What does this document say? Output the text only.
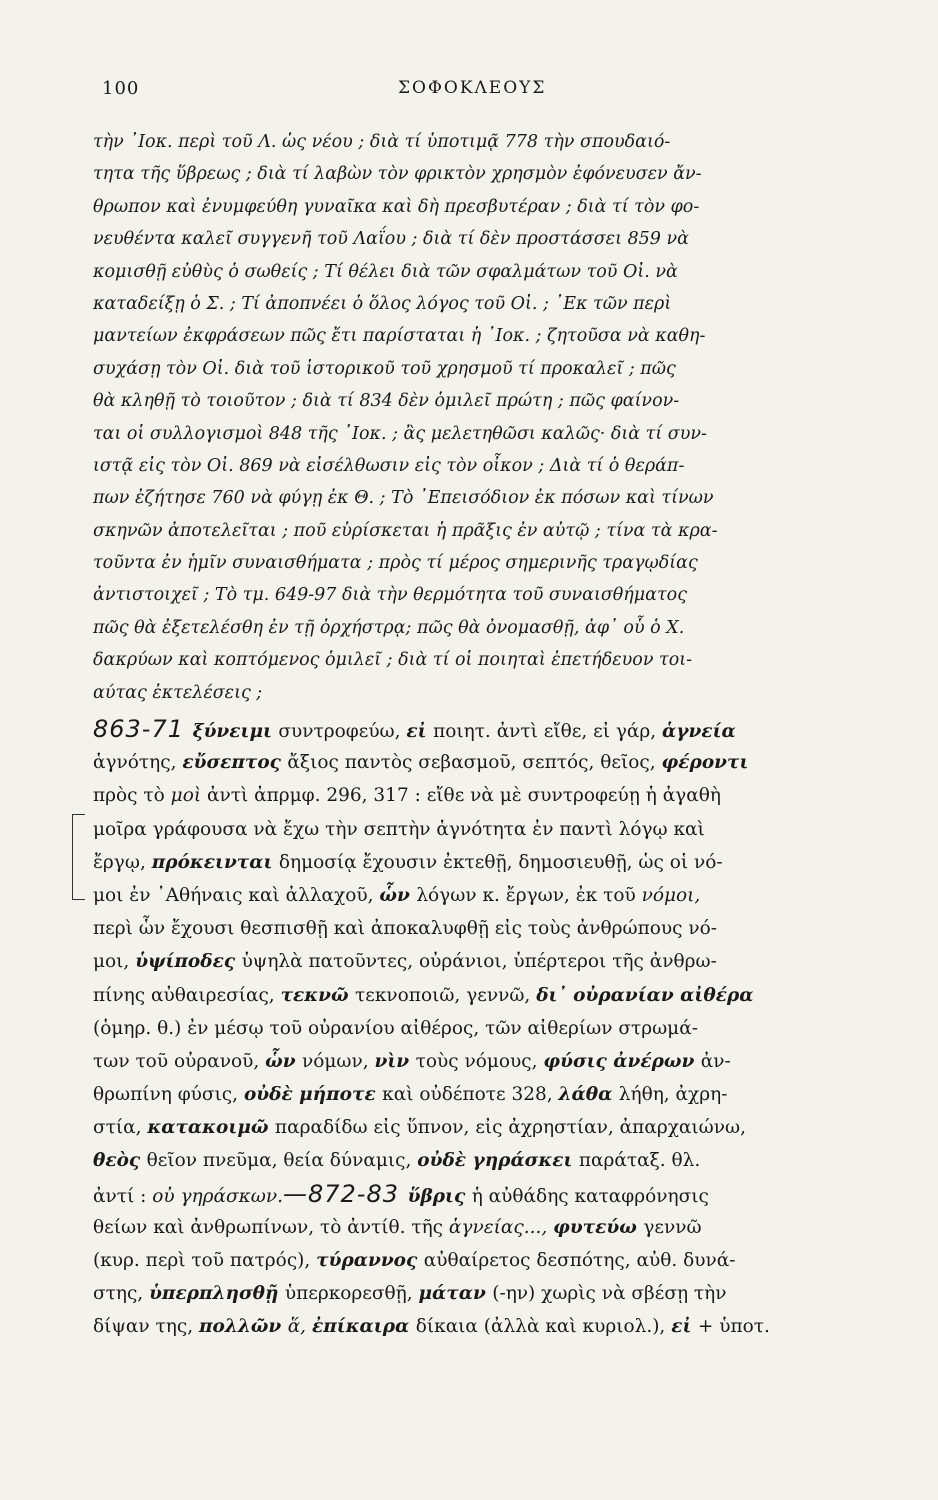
100	ΣΟΦΟΚΛΕΟΥΣ
τὴν ᾿Ιοκ. περὶ τοῦ Λ. ὡς νέου ; διὰ τί ὑποτιμᾷ 778 τὴν σπουδαιό-
τητα τῆς ὕβρεως ; διὰ τί λαβὼν τὸν φρικτὸν χρησμὸν ἐφόνευσεν ἄν-
θρωπον καὶ ἐνυμφεύθη γυναῖκα καὶ δὴ πρεσβυτέραν ; διὰ τί τὸν φο-
νευθέντα καλεῖ συγγενῆ τοῦ Λαΐου ; διὰ τί δὲν προστάσσει 859 νὰ
κομισθῇ εὐθὺς ὁ σωθείς ; Τί θέλει διὰ τῶν σφαλμάτων τοῦ Οἰ. νὰ
καταδείξῃ ὁ Σ. ; Τί ἀποπνέει ὁ ὅλος λόγος τοῦ Οἰ. ; ᾿Εκ τῶν περὶ
μαντείων ἐκφράσεων πῶς ἔτι παρίσταται ἡ ᾿Ιοκ. ; ζητοῦσα νὰ καθη-
συχάσῃ τὸν Οἰ. διὰ τοῦ ἱστορικοῦ τοῦ χρησμοῦ τί προκαλεῖ ; πῶς
θὰ κληθῇ τὸ τοιοῦτον ; διὰ τί 834 δὲν ὁμιλεῖ πρώτη ; πῶς φαίνον-
ται οἱ συλλογισμοὶ 848 τῆς ᾿Ιοκ. ; ἂς μελετηθῶσι καλῶς· διὰ τί συν-
ιστᾷ εἰς τὸν Οἰ. 869 νὰ εἰσέλθωσιν εἰς τὸν οἶκον ; Διὰ τί ὁ θεράπ-
πων ἐζήτησε 760 νὰ φύγῃ ἐκ Θ. ; Τὸ ᾿Επεισόδιον ἐκ πόσων καὶ τίνων
σκηνῶν ἀποτελεῖται ; ποῦ εὑρίσκεται ἡ πρᾶξις ἐν αὐτῷ ; τίνα τὰ κρα-
τοῦντα ἐν ἡμῖν συναισθήματα ; πρὸς τί μέρος σημερινῆς τραγῳδίας
ἀντιστοιχεῖ ; Τὸ τμ. 649-97 διὰ τὴν θερμότητα τοῦ συναισθήματος
πῶς θὰ ἐξετελέσθη ἐν τῇ ὀρχήστρᾳ; πῶς θὰ ὀνομασθῇ, ἀφ᾿ οὗ ὁ Χ.
δακρύων καὶ κοπτόμενος ὁμιλεῖ ; διὰ τί οἱ ποιηταὶ ἐπετήδευον τοι-
αύτας ἐκτελέσεις ;
863-71 ξύνειμι συντροφεύω, εἰ ποιητ. ἀντὶ εἴθε, εἰ γάρ, ἁγνεία
ἁγνότης, εὔσεπτος ἄξιος παντὸς σεβασμοῦ, σεπτός, θεῖος, φέροντι
πρὸς τὸ μοὶ ἀντὶ ἀπρμφ. 296, 317 : εἴθε νὰ μὲ συντροφεύῃ ἡ ἀγαθὴ
μοῖρα γράφουσα νὰ ἔχω τὴν σεπτὴν ἁγνότητα ἐν παντὶ λόγῳ καὶ
ἔργῳ, πρόκεινται δημοσίᾳ ἔχουσιν ἐκτεθῇ, δημοσιευθῇ, ὡς οἱ νό-
μοι ἐν ᾿Αθήναις καὶ ἀλλαχοῦ, ὧν λόγων κ. ἔργων, ἐκ τοῦ νόμοι,
περὶ ὧν ἔχουσι θεσπισθῇ καὶ ἀποκαλυφθῇ εἰς τοὺς ἀνθρώπους νό-
μοι, ὑψίποδες ὑψηλὰ πατοῦντες, οὐράνιοι, ὑπέρτεροι τῆς ἀνθρω-
πίνης αὐθαιρεσίας, τεκνῶ τεκνοποιῶ, γεννῶ, δι᾿ οὐρανίαν αἰθέρα
(ὁμηρ. θ.) ἐν μέσῳ τοῦ οὐρανίου αἰθέρος, τῶν αἰθερίων στρωμά-
των τοῦ οὐρανοῦ, ὧν νόμων, νὶν τοὺς νόμους, φύσις ἀνέρων ἀν-
θρωπίνη φύσις, οὐδὲ μήποτε καὶ οὐδέποτε 328, λάθα λήθη, ἀχρη-
στία, κατακοιμῶ παραδίδω εἰς ὕπνον, εἰς ἀχρηστίαν, ἀπαρχαιώνω,
θεὸς θεῖον πνεῦμα, θεία δύναμις, οὐδὲ γηράσκει παράταξ. θλ.
ἀντί : οὐ γηράσκων.—872-83 ὕβρις ἡ αὐθάδης καταφρόνησις
θείων καὶ ἀνθρωπίνων, τὸ ἀντίθ. τῆς ἁγνείας..., φυτεύω γεννῶ
(κυρ. περὶ τοῦ πατρός), τύραννος αὐθαίρετος δεσπότης, αὐθ. δυνά-
στης, ὑπερπλησθῇ ὑπερκορεσθῇ, μάταν (-ην) χωρὶς νὰ σβέσῃ τὴν
δίψαν της, πολλῶν ἅ, ἐπίκαιρα δίκαια (ἀλλὰ καὶ κυριολ.), εἰ + ὑποτ.
